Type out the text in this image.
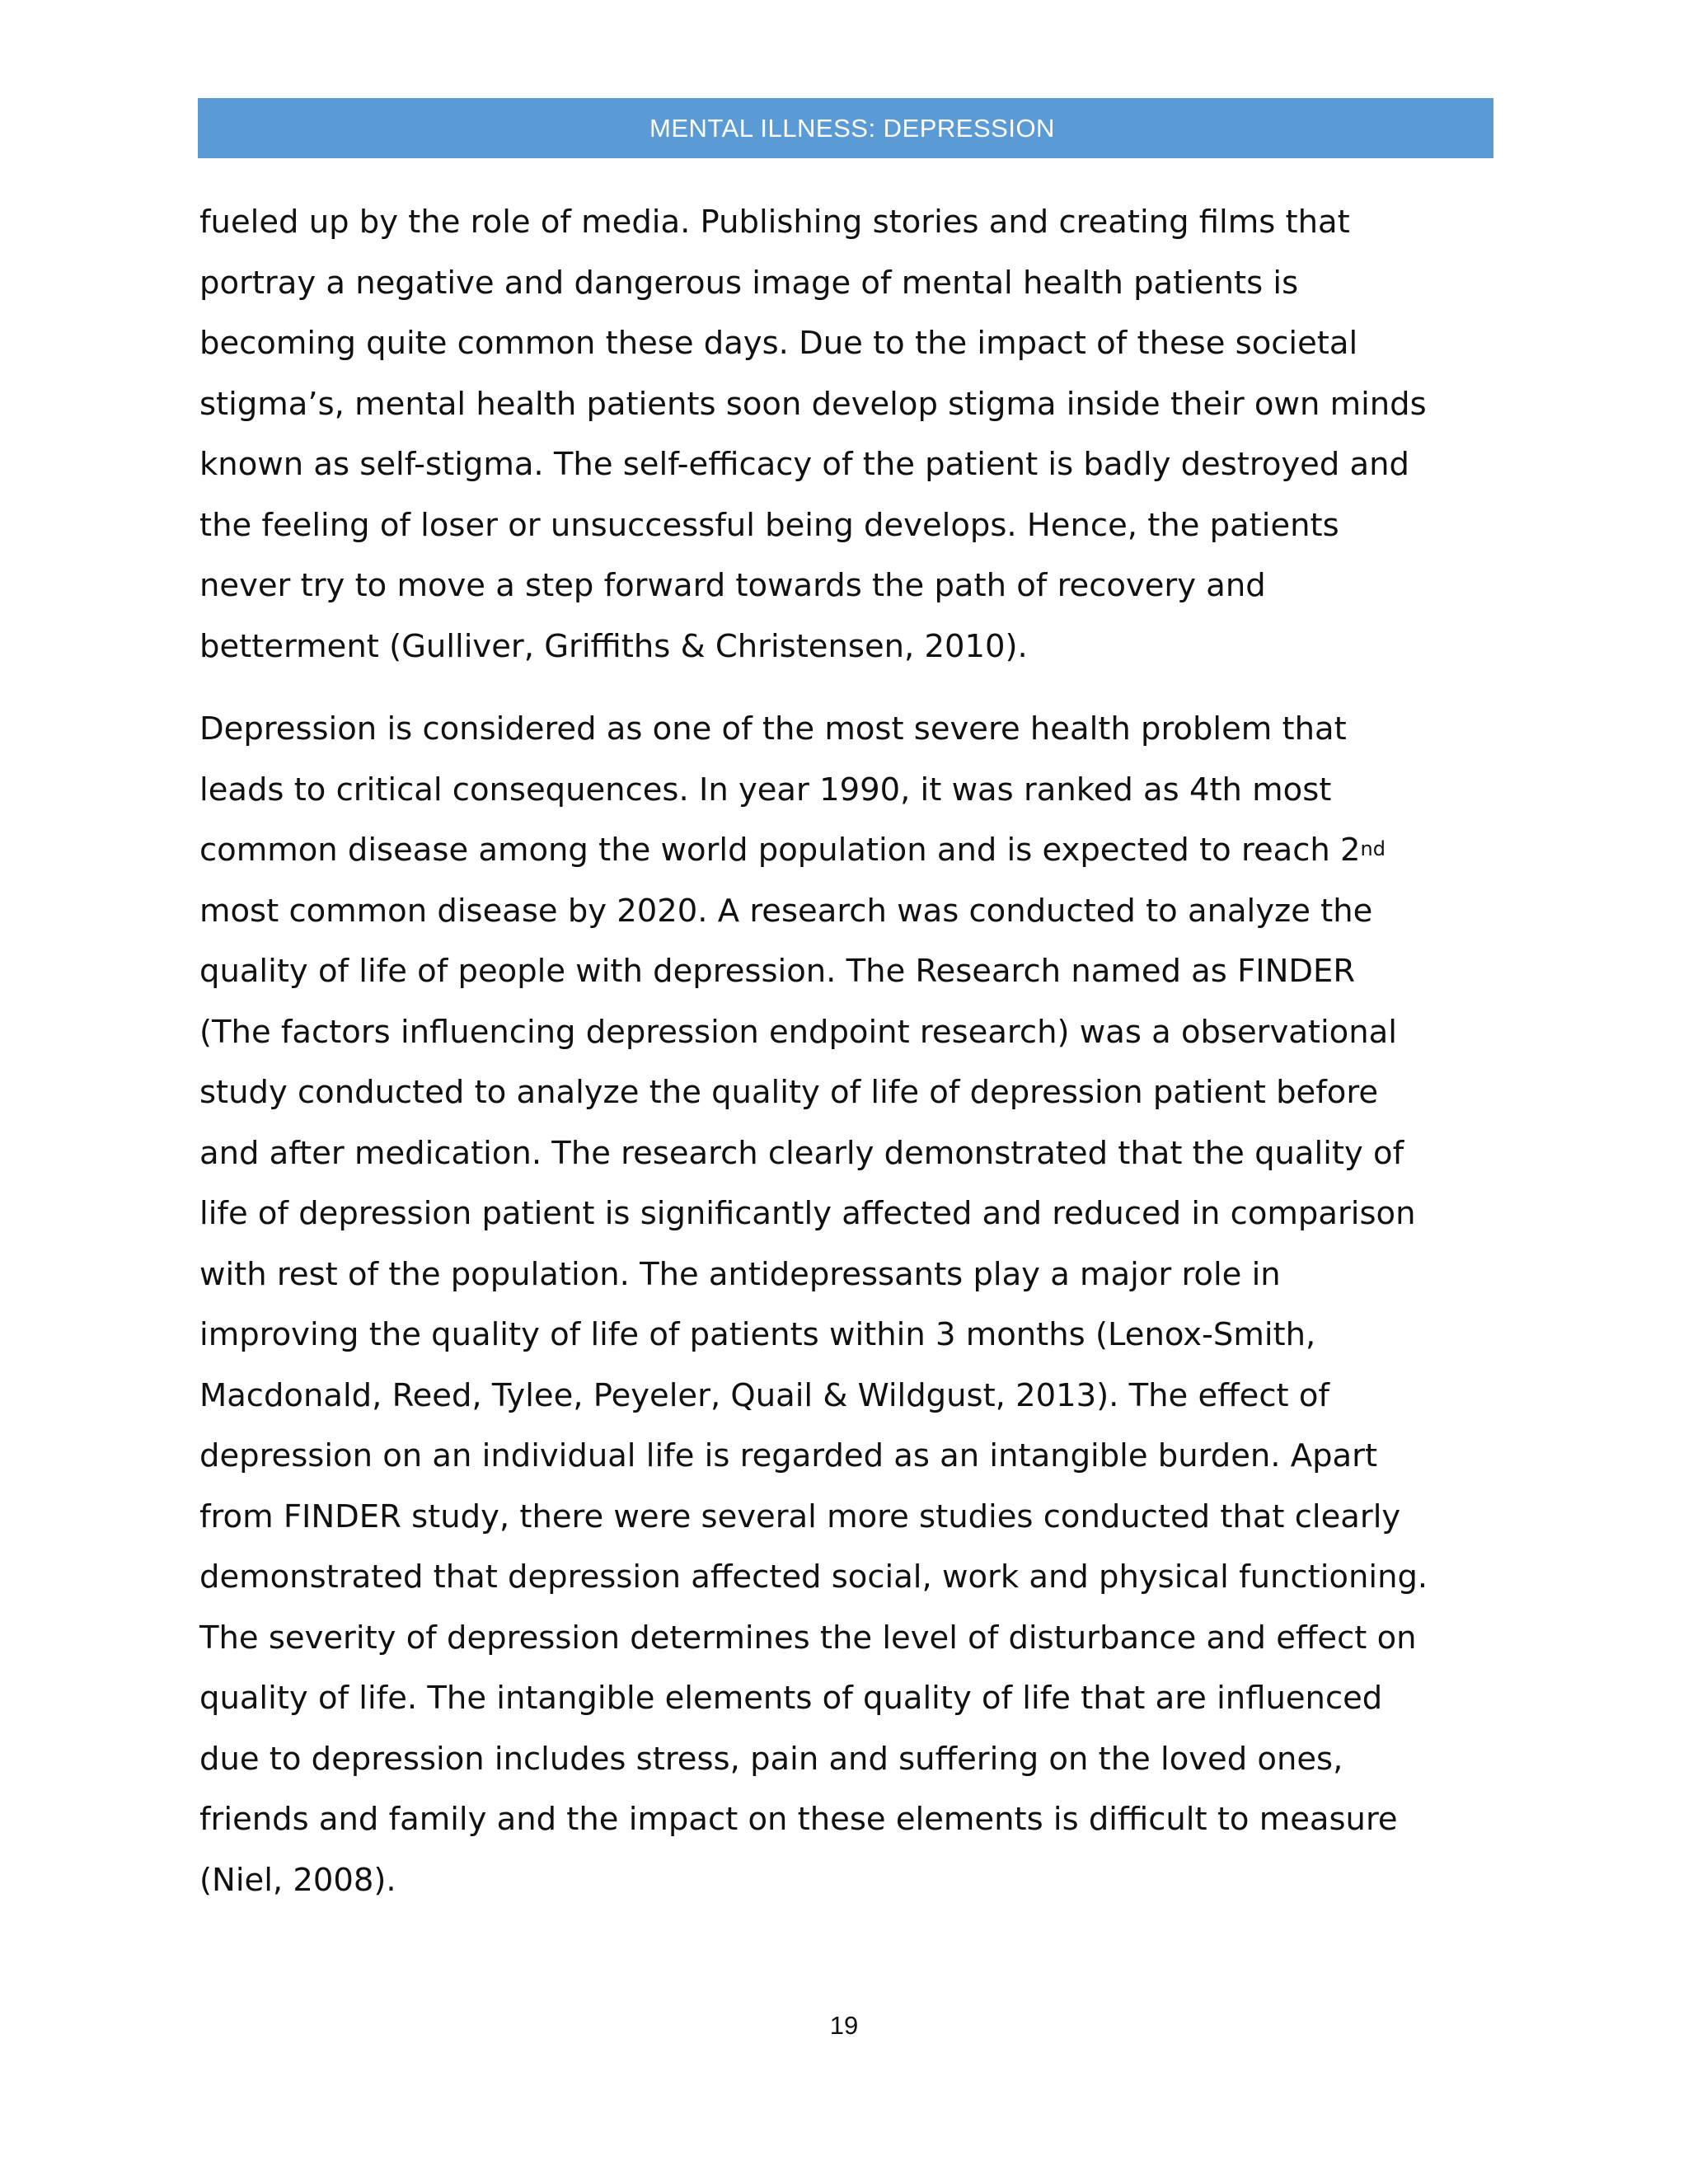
MENTAL ILLNESS: DEPRESSION

fueled up by the role of media. Publishing stories and creating films that
portray a negative and dangerous image of mental health patients is
becoming quite common these days. Due to the impact of these societal
stigma’s, mental health patients soon develop stigma inside their own minds
known as self-stigma. The self-efficacy of the patient is badly destroyed and
the feeling of loser or unsuccessful being develops. Hence, the patients
never try to move a step forward towards the path of recovery and
betterment (Gulliver, Griffiths & Christensen, 2010).

Depression is considered as one of the most severe health problem that
leads to critical consequences. In year 1990, it was ranked as 4th most
common disease among the world population and is expected to reach 2nd
most common disease by 2020. A research was conducted to analyze the
quality of life of people with depression. The Research named as FINDER
(The factors influencing depression endpoint research) was a observational
study conducted to analyze the quality of life of depression patient before
and after medication. The research clearly demonstrated that the quality of
life of depression patient is significantly affected and reduced in comparison
with rest of the population. The antidepressants play a major role in
improving the quality of life of patients within 3 months (Lenox-Smith,
Macdonald, Reed, Tylee, Peyeler, Quail & Wildgust, 2013). The effect of
depression on an individual life is regarded as an intangible burden. Apart
from FINDER study, there were several more studies conducted that clearly
demonstrated that depression affected social, work and physical functioning.
The severity of depression determines the level of disturbance and effect on
quality of life. The intangible elements of quality of life that are influenced
due to depression includes stress, pain and suffering on the loved ones,
friends and family and the impact on these elements is difficult to measure
(Niel, 2008).

19
